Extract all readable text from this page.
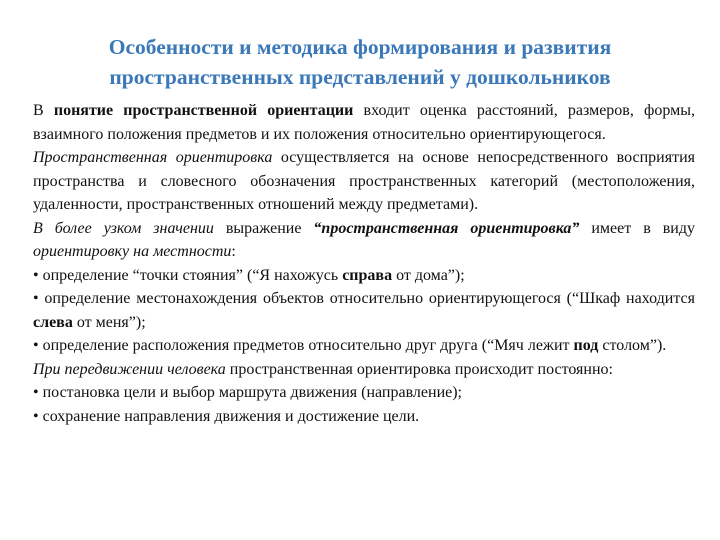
Особенности и методика формирования и развития
пространственных представлений у дошкольников

В понятие пространственной ориентации входит оценка расстояний, размеров, формы, взаимного положения предметов и их положения относительно ориентирующегося.

Пространственная ориентировка осуществляется на основе непосредственного восприятия пространства и словесного обозначения пространственных категорий (местоположения, удаленности, пространственных отношений между предметами).

В более узком значении выражение “пространственная ориентировка” имеет в виду ориентировку на местности:

• определение “точки стояния” (“Я нахожусь справа от дома”);

• определение местонахождения объектов относительно ориентирующегося (“Шкаф находится слева от меня”);

• определение расположения предметов относительно друг друга (“Мяч лежит под столом”).

При передвижении человека пространственная ориентировка происходит постоянно:

• постановка цели и выбор маршрута движения (направление);

• сохранение направления движения и достижение цели.
